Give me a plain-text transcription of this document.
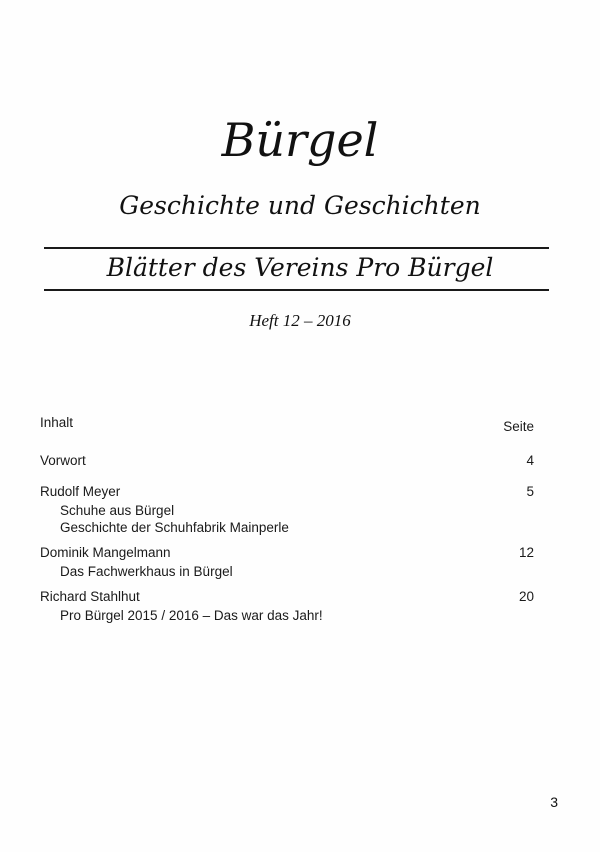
Bürgel
Geschichte und Geschichten
Blätter des Vereins Pro Bürgel
Heft 12 – 2016
Inhalt	Seite
Vorwort	4
Rudolf Meyer	5
Schuhe aus Bürgel
Geschichte der Schuhfabrik Mainperle
Dominik Mangelmann	12
Das Fachwerkhaus in Bürgel
Richard Stahlhut	20
Pro Bürgel 2015 / 2016 – Das war das Jahr!
3
